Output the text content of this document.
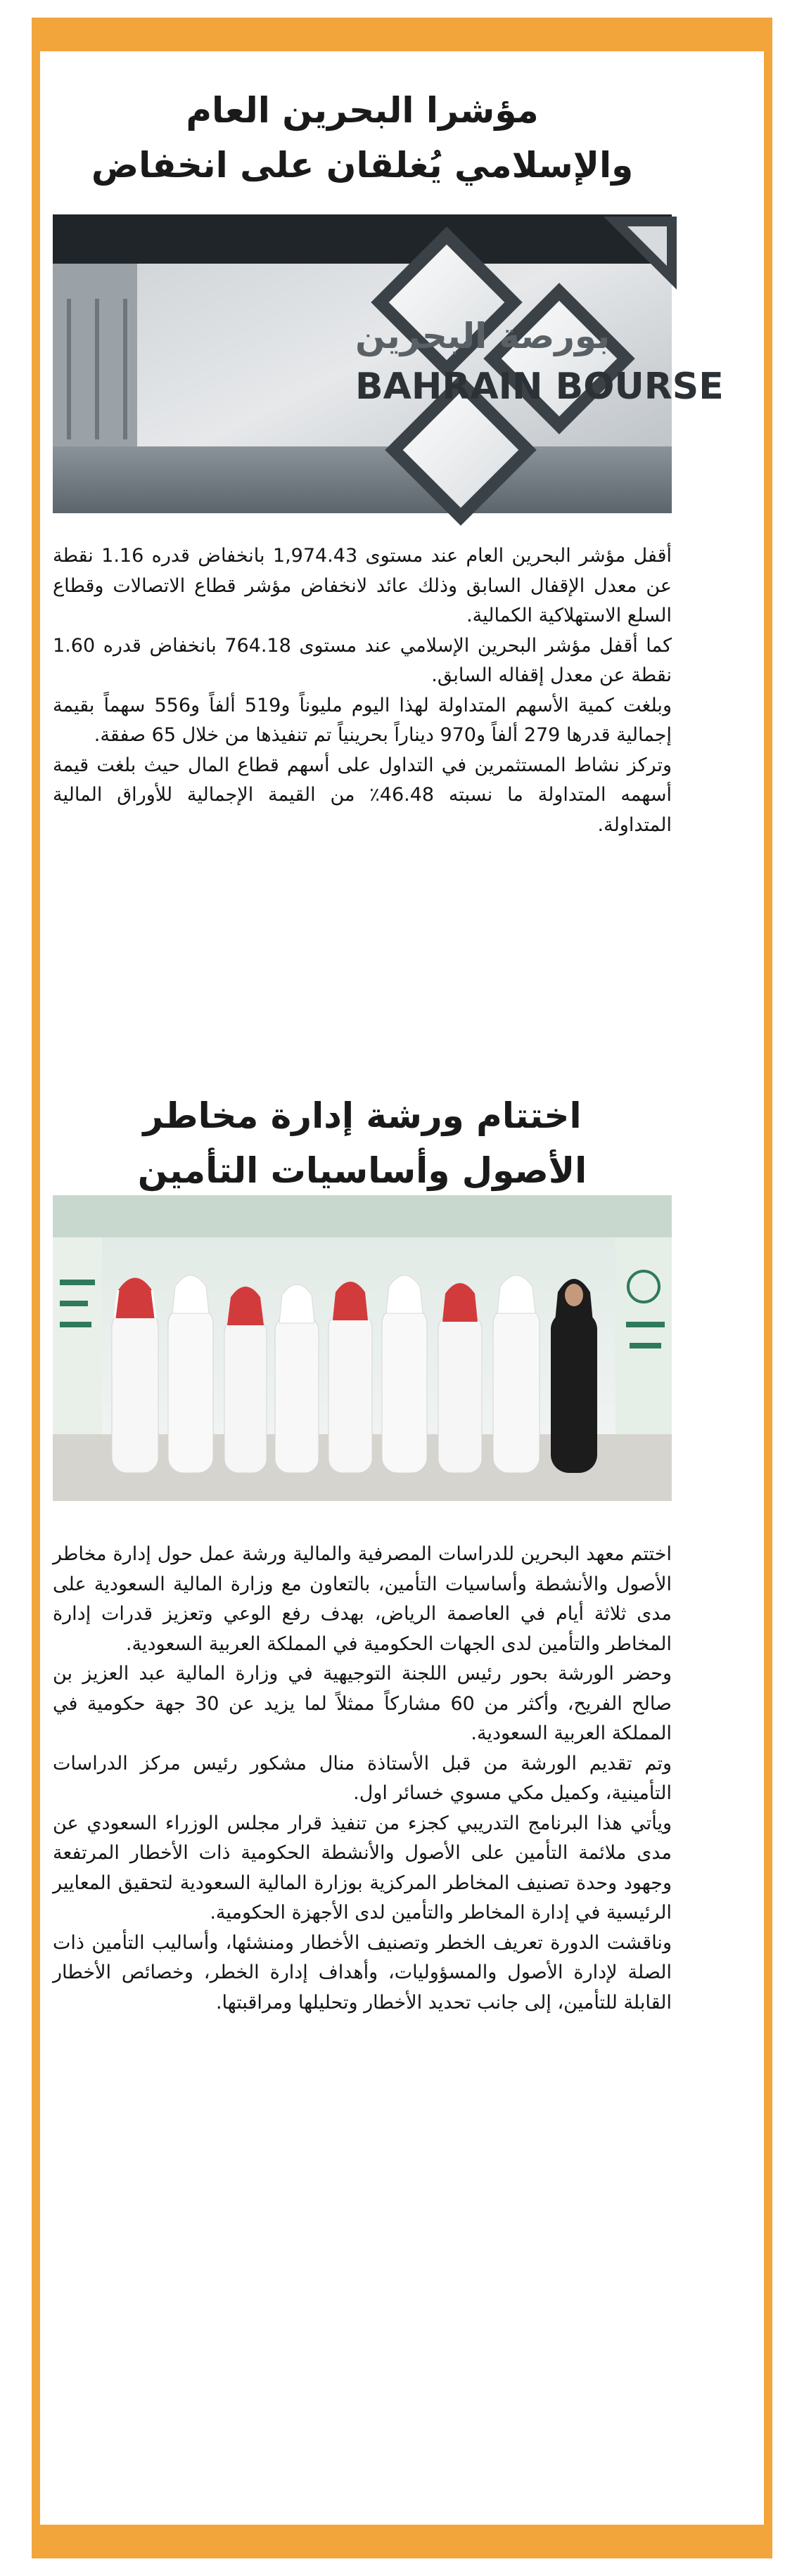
مؤشرا البحرين العام
والإسلامي يُغلقان على انخفاض
بورصة البحرين
BAHRAIN BOURSE

أقفل مؤشر البحرين العام عند مستوى 1,974.43 بانخفاض قدره 1.16 نقطة عن معدل الإقفال السابق وذلك عائد لانخفاض مؤشر قطاع الاتصالات وقطاع السلع الاستهلاكية الكمالية.

كما أقفل مؤشر البحرين الإسلامي عند مستوى 764.18 بانخفاض قدره 1.60 نقطة عن معدل إقفاله السابق.

وبلغت كمية الأسهم المتداولة لهذا اليوم مليوناً و519 ألفاً و556 سهماً بقيمة إجمالية قدرها 279 ألفاً و970 ديناراً بحرينياً تم تنفيذها من خلال 65 صفقة.

وتركز نشاط المستثمرين في التداول على أسهم قطاع المال حيث بلغت قيمة أسهمه المتداولة ما نسبته 46.48٪ من القيمة الإجمالية للأوراق المالية المتداولة.

اختتام ورشة إدارة مخاطر
الأصول وأساسيات التأمين

اختتم معهد البحرين للدراسات المصرفية والمالية ورشة عمل حول إدارة مخاطر الأصول والأنشطة وأساسيات التأمين، بالتعاون مع وزارة المالية السعودية على مدى ثلاثة أيام في العاصمة الرياض، بهدف رفع الوعي وتعزيز قدرات إدارة المخاطر والتأمين لدى الجهات الحكومية في المملكة العربية السعودية.

وحضر الورشة بحور رئيس اللجنة التوجيهية في وزارة المالية عبد العزيز بن صالح الفريح، وأكثر من 60 مشاركاً ممثلاً لما يزيد عن 30 جهة حكومية في المملكة العربية السعودية.

وتم تقديم الورشة من قبل الأستاذة منال مشكور رئيس مركز الدراسات التأمينية، وكميل مكي مسوي خسائر اول.

ويأتي هذا البرنامج التدريبي كجزء من تنفيذ قرار مجلس الوزراء السعودي عن مدى ملائمة التأمين على الأصول والأنشطة الحكومية ذات الأخطار المرتفعة وجهود وحدة تصنيف المخاطر المركزية بوزارة المالية السعودية لتحقيق المعايير الرئيسية في إدارة المخاطر والتأمين لدى الأجهزة الحكومية.

وناقشت الدورة تعريف الخطر وتصنيف الأخطار ومنشئها، وأساليب التأمين ذات الصلة لإدارة الأصول والمسؤوليات، وأهداف إدارة الخطر، وخصائص الأخطار القابلة للتأمين، إلى جانب تحديد الأخطار وتحليلها ومراقبتها.
